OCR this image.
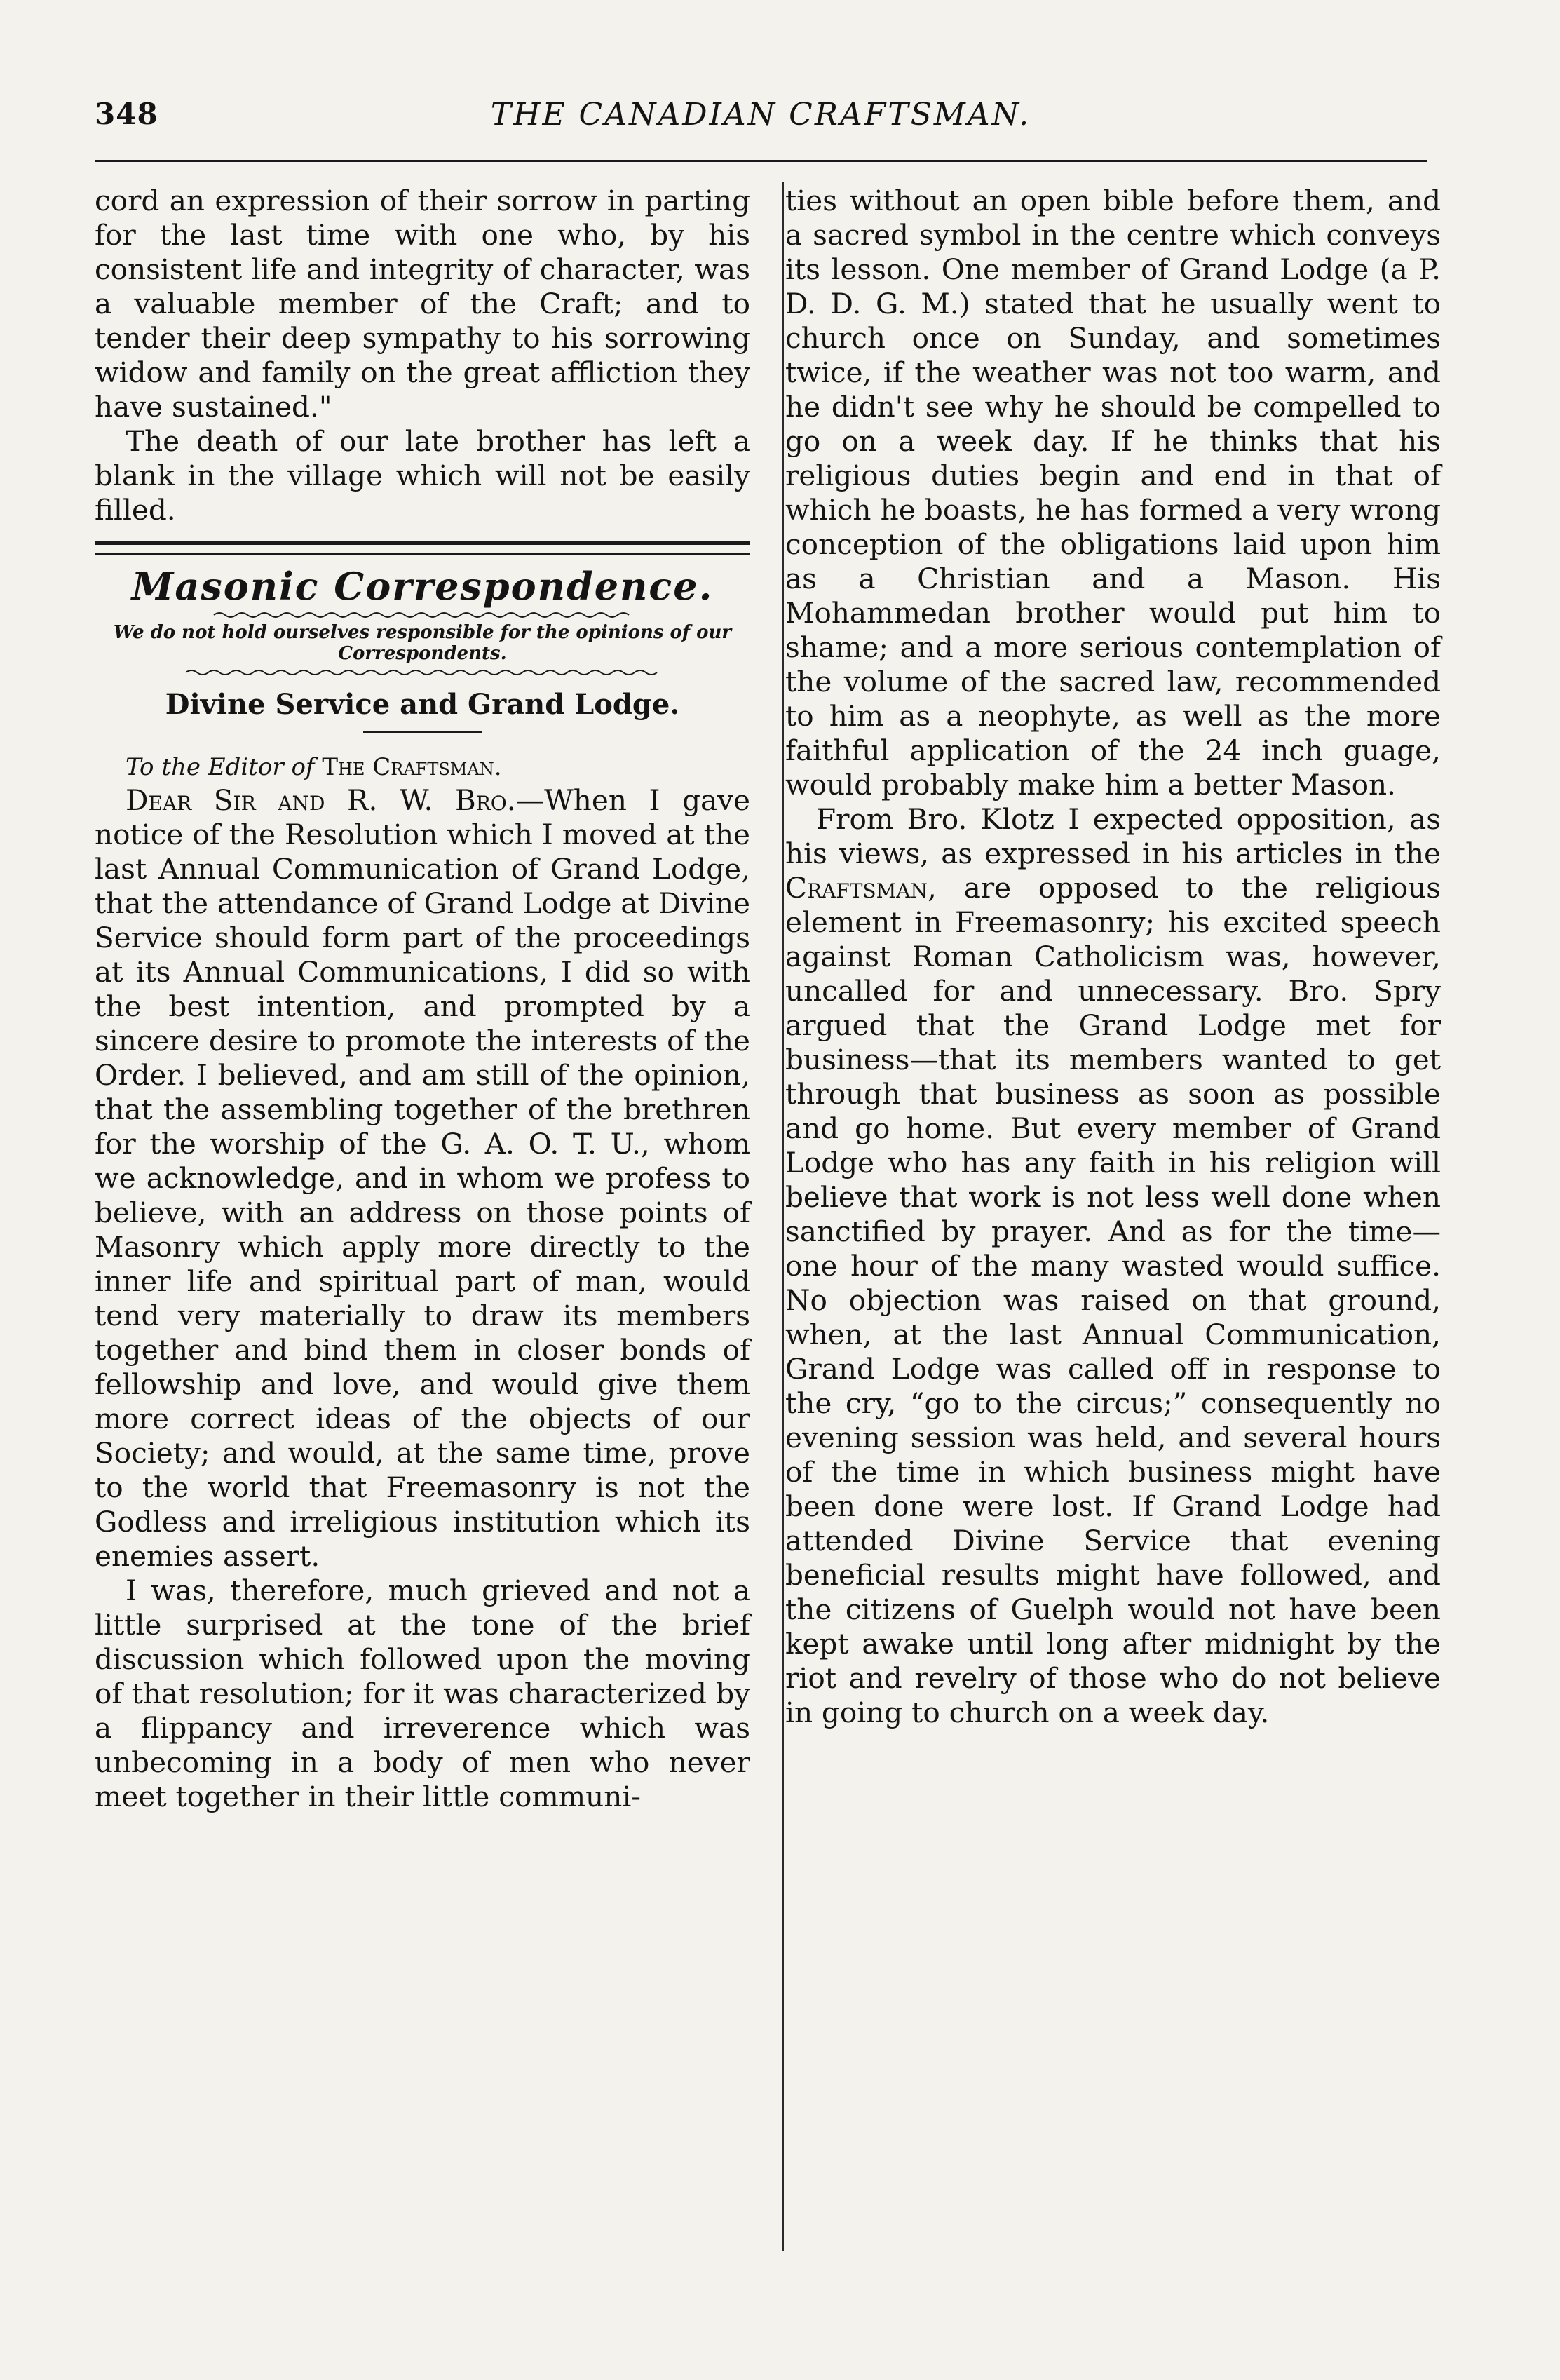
348	THE CANADIAN CRAFTSMAN.

cord an expression of their sorrow in parting for the last time with one who, by his consistent life and integrity of character, was a valuable member of the Craft; and to tender their deep sympathy to his sorrowing widow and family on the great affliction they have sustained."

The death of our late brother has left a blank in the village which will not be easily filled.

Masonic Correspondence.
We do not hold ourselves responsible for the opinions of our Correspondents.
Divine Service and Grand Lodge.

To the Editor of The Craftsman.

Dear Sir and R. W. Bro.—When I gave notice of the Resolution which I moved at the last Annual Communication of Grand Lodge, that the attendance of Grand Lodge at Divine Service should form part of the proceedings at its Annual Communications, I did so with the best intention, and prompted by a sincere desire to promote the interests of the Order. I believed, and am still of the opinion, that the assembling together of the brethren for the worship of the G. A. O. T. U., whom we acknowledge, and in whom we profess to believe, with an address on those points of Masonry which apply more directly to the inner life and spiritual part of man, would tend very materially to draw its members together and bind them in closer bonds of fellowship and love, and would give them more correct ideas of the objects of our Society; and would, at the same time, prove to the world that Freemasonry is not the Godless and irreligious institution which its enemies assert.

I was, therefore, much grieved and not a little surprised at the tone of the brief discussion which followed upon the moving of that resolution; for it was characterized by a flippancy and irreverence which was unbecoming in a body of men who never meet together in their little communi-

ties without an open bible before them, and a sacred symbol in the centre which conveys its lesson. One member of Grand Lodge (a P. D. D. G. M.) stated that he usually went to church once on Sunday, and sometimes twice, if the weather was not too warm, and he didn't see why he should be compelled to go on a week day. If he thinks that his religious duties begin and end in that of which he boasts, he has formed a very wrong conception of the obligations laid upon him as a Christian and a Mason. His Mohammedan brother would put him to shame; and a more serious contemplation of the volume of the sacred law, recommended to him as a neophyte, as well as the more faithful application of the 24 inch guage, would probably make him a better Mason.

From Bro. Klotz I expected opposition, as his views, as expressed in his articles in the Craftsman, are opposed to the religious element in Freemasonry; his excited speech against Roman Catholicism was, however, uncalled for and unnecessary. Bro. Spry argued that the Grand Lodge met for business—that its members wanted to get through that business as soon as possible and go home. But every member of Grand Lodge who has any faith in his religion will believe that work is not less well done when sanctified by prayer. And as for the time—one hour of the many wasted would suffice. No objection was raised on that ground, when, at the last Annual Communication, Grand Lodge was called off in response to the cry, “go to the circus;” consequently no evening session was held, and several hours of the time in which business might have been done were lost. If Grand Lodge had attended Divine Service that evening beneficial results might have followed, and the citizens of Guelph would not have been kept awake until long after midnight by the riot and revelry of those who do not believe in going to church on a week day.
